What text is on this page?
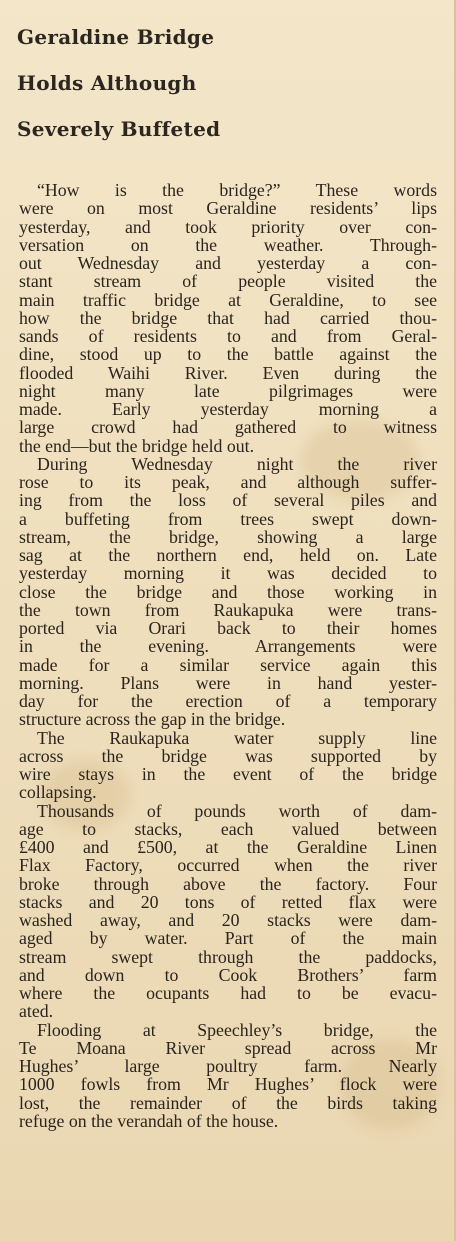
Geraldine Bridge
Holds Although
Severely Buffeted
“How is the bridge?” These words
were on most Geraldine residents’ lips
yesterday, and took priority over con-
versation on the weather. Through-
out Wednesday and yesterday a con-
stant stream of people visited the
main traffic bridge at Geraldine, to see
how the bridge that had carried thou-
sands of residents to and from Geral-
dine, stood up to the battle against the
flooded Waihi River. Even during the
night many late pilgrimages were
made. Early yesterday morning a
large crowd had gathered to witness
the end—but the bridge held out.
During Wednesday night the river
rose to its peak, and although suffer-
ing from the loss of several piles and
a buffeting from trees swept down-
stream, the bridge, showing a large
sag at the northern end, held on. Late
yesterday morning it was decided to
close the bridge and those working in
the town from Raukapuka were trans-
ported via Orari back to their homes
in the evening. Arrangements were
made for a similar service again this
morning. Plans were in hand yester-
day for the erection of a temporary
structure across the gap in the bridge.
The Raukapuka water supply line
across the bridge was supported by
wire stays in the event of the bridge
collapsing.
Thousands of pounds worth of dam-
age to stacks, each valued between
£400 and £500, at the Geraldine Linen
Flax Factory, occurred when the river
broke through above the factory. Four
stacks and 20 tons of retted flax were
washed away, and 20 stacks were dam-
aged by water. Part of the main
stream swept through the paddocks,
and down to Cook Brothers’ farm
where the ocupants had to be evacu-
ated.
Flooding at Speechley’s bridge, the
Te Moana River spread across Mr
Hughes’ large poultry farm. Nearly
1000 fowls from Mr Hughes’ flock were
lost, the remainder of the birds taking
refuge on the verandah of the house.
